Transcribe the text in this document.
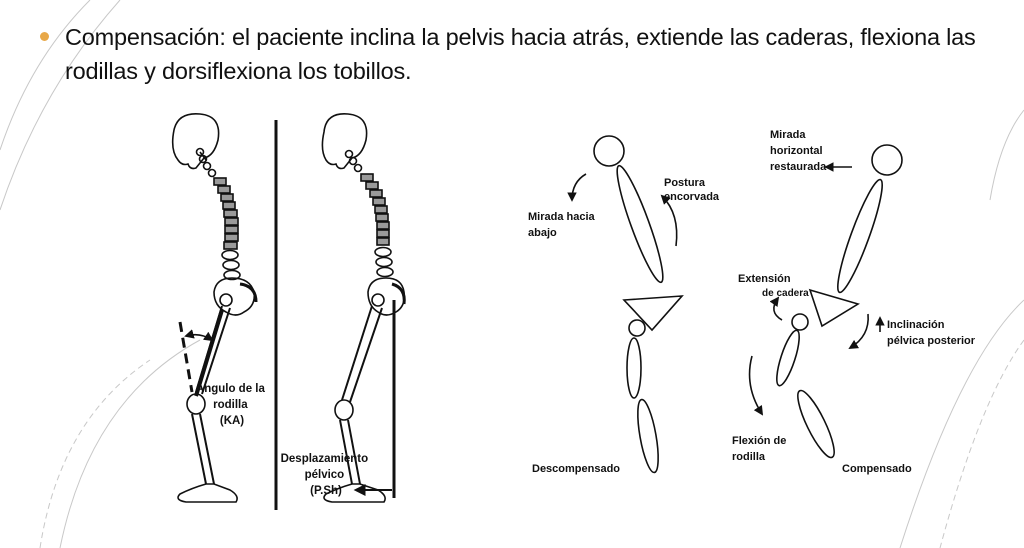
Compensación: el paciente inclina la pelvis hacia atrás, extiende las caderas, flexiona las rodillas y dorsiflexiona los tobillos.
Ángulo de la rodilla (KA)
Desplazamiento pélvico (P.Sh)
Mirada hacia abajo
Postura encorvada
Descompensado
Mirada horizontal restaurada
Extensión de cadera
Inclinación pélvica posterior
Flexión de rodilla
Compensado
